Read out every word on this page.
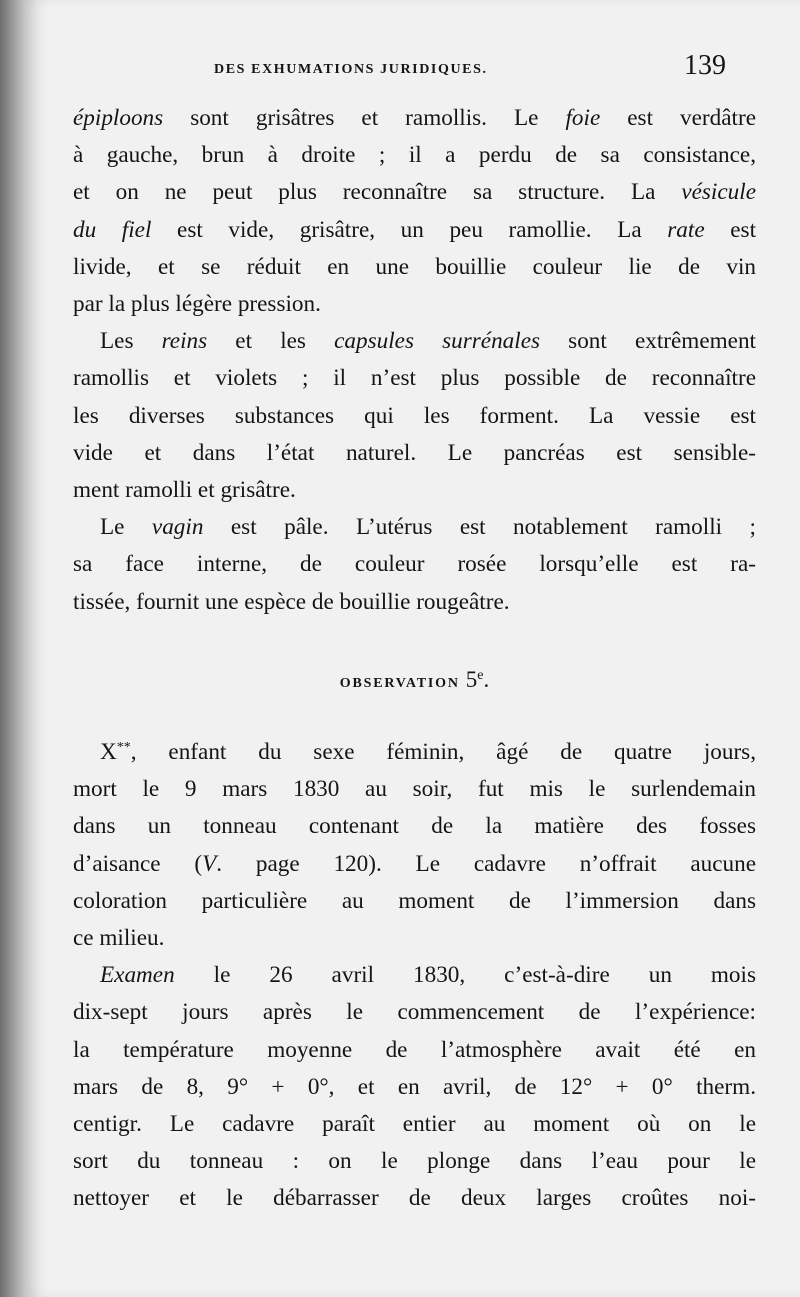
DES EXHUMATIONS JURIDIQUES.	139
épiploons sont grisâtres et ramollis. Le foie est verdâtre
à gauche, brun à droite ; il a perdu de sa consistance,
et on ne peut plus reconnaître sa structure. La vésicule
du fiel est vide, grisâtre, un peu ramollie. La rate est
livide, et se réduit en une bouillie couleur lie de vin
par la plus légère pression.
Les reins et les capsules surrénales sont extrêmement
ramollis et violets ; il n’est plus possible de reconnaître
les diverses substances qui les forment. La vessie est
vide et dans l’état naturel. Le pancréas est sensible-
ment ramolli et grisâtre.
Le vagin est pâle. L’utérus est notablement ramolli ;
sa face interne, de couleur rosée lorsqu’elle est ra-
tissée, fournit une espèce de bouillie rougeâtre.
OBSERVATION 5e.
X**, enfant du sexe féminin, âgé de quatre jours,
mort le 9 mars 1830 au soir, fut mis le surlendemain
dans un tonneau contenant de la matière des fosses
d’aisance (V. page 120). Le cadavre n’offrait aucune
coloration particulière au moment de l’immersion dans
ce milieu.
Examen le 26 avril 1830, c’est-à-dire un mois
dix-sept jours après le commencement de l’expérience:
la température moyenne de l’atmosphère avait été en
mars de 8, 9° + 0°, et en avril, de 12° + 0° therm.
centigr. Le cadavre paraît entier au moment où on le
sort du tonneau : on le plonge dans l’eau pour le
nettoyer et le débarrasser de deux larges croûtes noi-
